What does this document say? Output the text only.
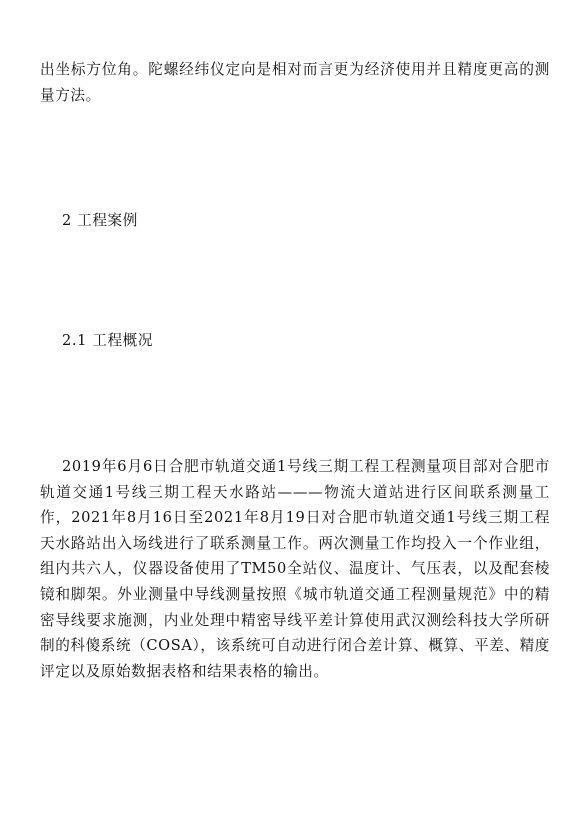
出坐标方位角。陀螺经纬仪定向是相对而言更为经济使用并且精度更高的测量方法。

2 工程案例
2.1 工程概况

2019年6月6日合肥市轨道交通1号线三期工程工程测量项目部对合肥市轨道交通1号线三期工程天水路站———物流大道站进行区间联系测量工作，2021年8月16日至2021年8月19日对合肥市轨道交通1号线三期工程天水路站出入场线进行了联系测量工作。两次测量工作均投入一个作业组，组内共六人，仪器设备使用了TM50全站仪、温度计、气压表，以及配套棱镜和脚架。外业测量中导线测量按照《城市轨道交通工程测量规范》中的精密导线要求施测，内业处理中精密导线平差计算使用武汉测绘科技大学所研制的科傻系统（COSA），该系统可自动进行闭合差计算、概算、平差、精度评定以及原始数据表格和结果表格的输出。
